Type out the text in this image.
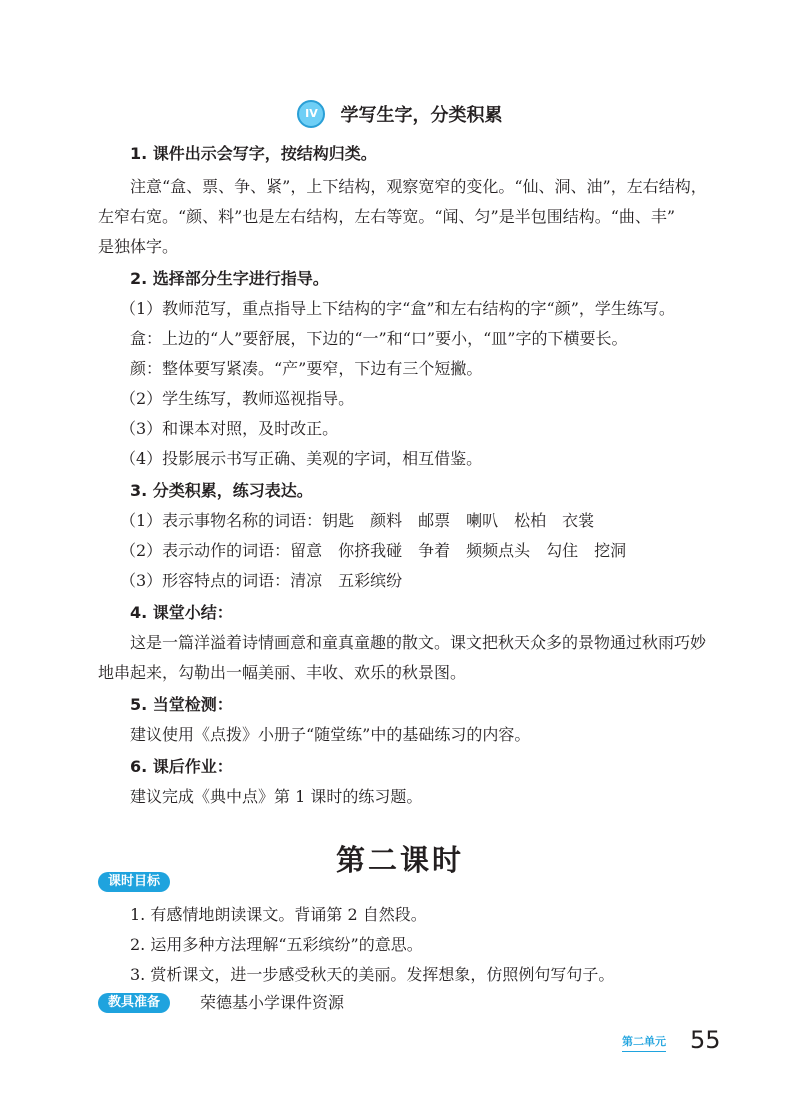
IV 学写生字，分类积累
1. 课件出示会写字，按结构归类。
注意“盒、票、争、紧”，上下结构，观察宽窄的变化。“仙、洞、油”，左右结构，
左窄右宽。“颜、料”也是左右结构，左右等宽。“闻、匀”是半包围结构。“曲、丰”
是独体字。
2. 选择部分生字进行指导。
（1）教师范写，重点指导上下结构的字“盒”和左右结构的字“颜”，学生练写。
盒：上边的“人”要舒展，下边的“一”和“口”要小，“皿”字的下横要长。
颜：整体要写紧凑。“产”要窄，下边有三个短撇。
（2）学生练写，教师巡视指导。
（3）和课本对照，及时改正。
（4）投影展示书写正确、美观的字词，相互借鉴。
3. 分类积累，练习表达。
（1）表示事物名称的词语：钥匙　颜料　邮票　喇叭　松柏　衣裳
（2）表示动作的词语：留意　你挤我碰　争着　频频点头　勾住　挖洞
（3）形容特点的词语：清凉　五彩缤纷
4. 课堂小结：
这是一篇洋溢着诗情画意和童真童趣的散文。课文把秋天众多的景物通过秋雨巧妙
地串起来，勾勒出一幅美丽、丰收、欢乐的秋景图。
5. 当堂检测：
建议使用《点拨》小册子“随堂练”中的基础练习的内容。
6. 课后作业：
建议完成《典中点》第 1 课时的练习题。
第二课时
课时目标
1. 有感情地朗读课文。背诵第 2 自然段。
2. 运用多种方法理解“五彩缤纷”的意思。
3. 赏析课文，进一步感受秋天的美丽。发挥想象，仿照例句写句子。
教具准备	荣德基小学课件资源
第二单元 55
